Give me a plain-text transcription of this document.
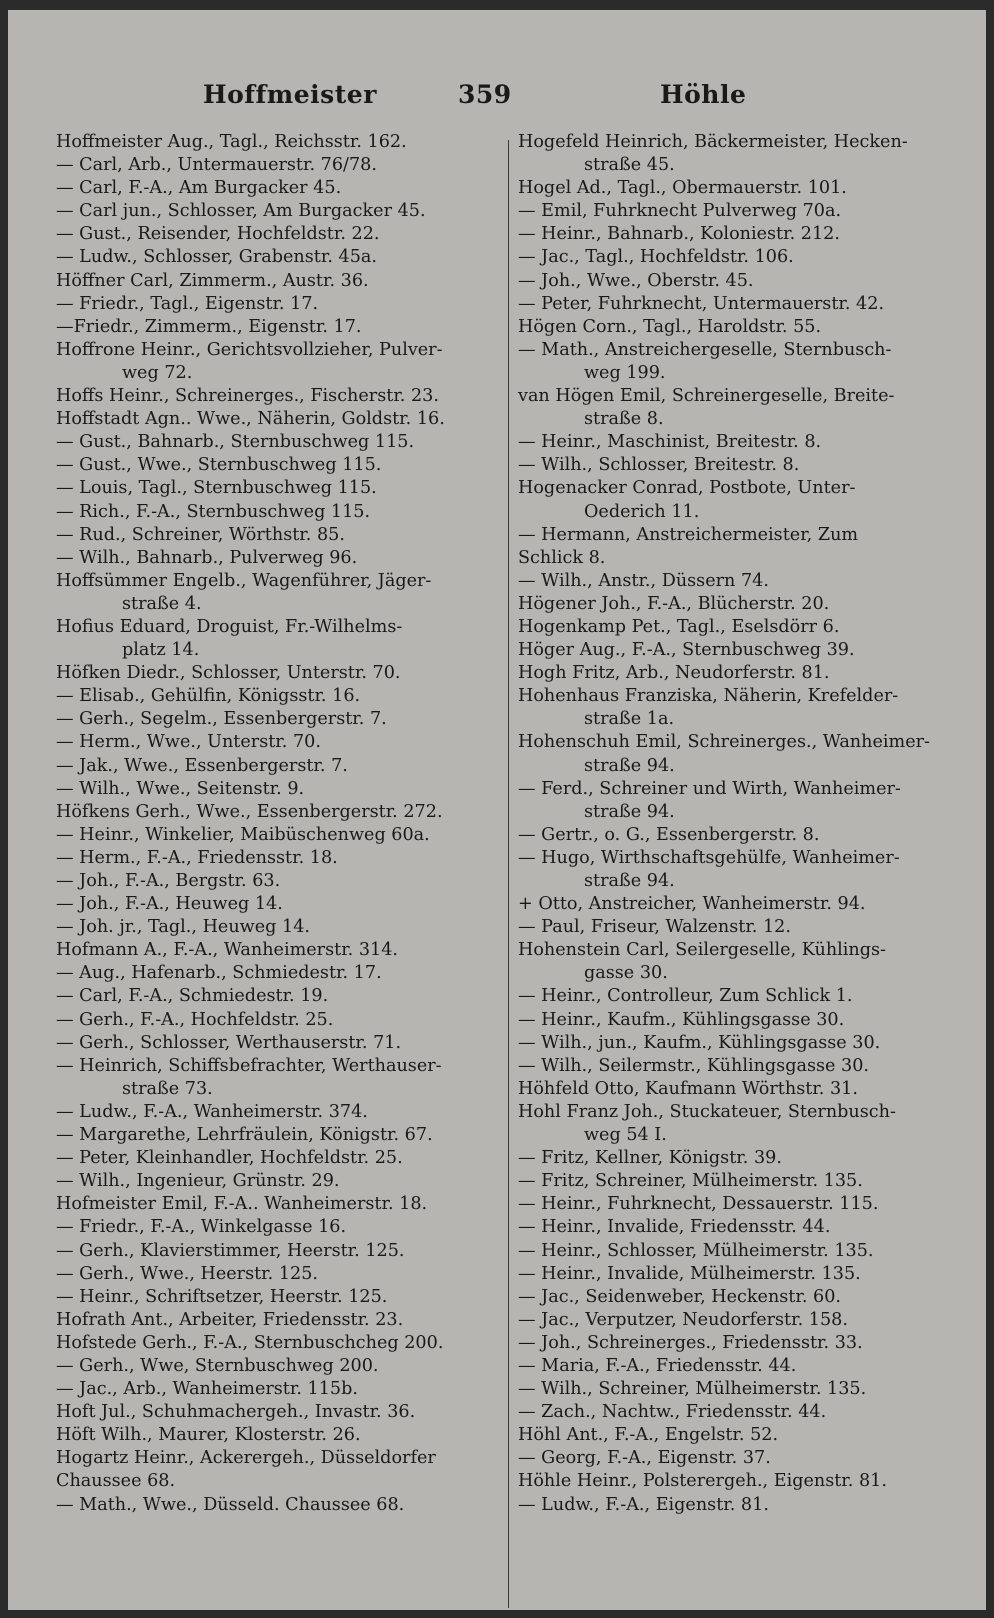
Hoffmeister	359	Höhle
Hoffmeister Aug., Tagl., Reichsstr. 162.
— Carl, Arb., Untermauerstr. 76/78.
— Carl, F.-A., Am Burgacker 45.
— Carl jun., Schlosser, Am Burgacker 45.
— Gust., Reisender, Hochfeldstr. 22.
— Ludw., Schlosser, Grabenstr. 45a.
Höffner Carl, Zimmerm., Austr. 36.
— Friedr., Tagl., Eigenstr. 17.
—Friedr., Zimmerm., Eigenstr. 17.
Hoffrone Heinr., Gerichtsvollzieher, Pulver-
weg 72.
Hoffs Heinr., Schreinerges., Fischerstr. 23.
Hoffstadt Agn.. Wwe., Näherin, Goldstr. 16.
— Gust., Bahnarb., Sternbuschweg 115.
— Gust., Wwe., Sternbuschweg 115.
— Louis, Tagl., Sternbuschweg 115.
— Rich., F.-A., Sternbuschweg 115.
— Rud., Schreiner, Wörthstr. 85.
— Wilh., Bahnarb., Pulverweg 96.
Hoffsümmer Engelb., Wagenführer, Jäger-
straße 4.
Hofius Eduard, Droguist, Fr.-Wilhelms-
platz 14.
Höfken Diedr., Schlosser, Unterstr. 70.
— Elisab., Gehülfin, Königsstr. 16.
— Gerh., Segelm., Essenbergerstr. 7.
— Herm., Wwe., Unterstr. 70.
— Jak., Wwe., Essenbergerstr. 7.
— Wilh., Wwe., Seitenstr. 9.
Höfkens Gerh., Wwe., Essenbergerstr. 272.
— Heinr., Winkelier, Maibüschenweg 60a.
— Herm., F.-A., Friedensstr. 18.
— Joh., F.-A., Bergstr. 63.
— Joh., F.-A., Heuweg 14.
— Joh. jr., Tagl., Heuweg 14.
Hofmann A., F.-A., Wanheimerstr. 314.
— Aug., Hafenarb., Schmiedestr. 17.
— Carl, F.-A., Schmiedestr. 19.
— Gerh., F.-A., Hochfeldstr. 25.
— Gerh., Schlosser, Werthauserstr. 71.
— Heinrich, Schiffsbefrachter, Werthauser-
straße 73.
— Ludw., F.-A., Wanheimerstr. 374.
— Margarethe, Lehrfräulein, Königstr. 67.
— Peter, Kleinhandler, Hochfeldstr. 25.
— Wilh., Ingenieur, Grünstr. 29.
Hofmeister Emil, F.-A.. Wanheimerstr. 18.
— Friedr., F.-A., Winkelgasse 16.
— Gerh., Klavierstimmer, Heerstr. 125.
— Gerh., Wwe., Heerstr. 125.
— Heinr., Schriftsetzer, Heerstr. 125.
Hofrath Ant., Arbeiter, Friedensstr. 23.
Hofstede Gerh., F.-A., Sternbuschcheg 200.
— Gerh., Wwe, Sternbuschweg 200.
— Jac., Arb., Wanheimerstr. 115b.
Hoft Jul., Schuhmachergeh., Invastr. 36.
Höft Wilh., Maurer, Klosterstr. 26.
Hogartz Heinr., Ackerergeh., Düsseldorfer
Chaussee 68.
— Math., Wwe., Düsseld. Chaussee 68.
Hogefeld Heinrich, Bäckermeister, Hecken-
straße 45.
Hogel Ad., Tagl., Obermauerstr. 101.
— Emil, Fuhrknecht Pulverweg 70a.
— Heinr., Bahnarb., Koloniestr. 212.
— Jac., Tagl., Hochfeldstr. 106.
— Joh., Wwe., Oberstr. 45.
— Peter, Fuhrknecht, Untermauerstr. 42.
Högen Corn., Tagl., Haroldstr. 55.
— Math., Anstreichergeselle, Sternbusch-
weg 199.
van Högen Emil, Schreinergeselle, Breite-
straße 8.
— Heinr., Maschinist, Breitestr. 8.
— Wilh., Schlosser, Breitestr. 8.
Hogenacker Conrad, Postbote, Unter-
Oederich 11.
— Hermann, Anstreichermeister, Zum
Schlick 8.
— Wilh., Anstr., Düssern 74.
Högener Joh., F.-A., Blücherstr. 20.
Hogenkamp Pet., Tagl., Eselsdörr 6.
Höger Aug., F.-A., Sternbuschweg 39.
Hogh Fritz, Arb., Neudorferstr. 81.
Hohenhaus Franziska, Näherin, Krefelder-
straße 1a.
Hohenschuh Emil, Schreinerges., Wanheimer-
straße 94.
— Ferd., Schreiner und Wirth, Wanheimer-
straße 94.
— Gertr., o. G., Essenbergerstr. 8.
— Hugo, Wirthschaftsgehülfe, Wanheimer-
straße 94.
+ Otto, Anstreicher, Wanheimerstr. 94.
— Paul, Friseur, Walzenstr. 12.
Hohenstein Carl, Seilergeselle, Kühlings-
gasse 30.
— Heinr., Controlleur, Zum Schlick 1.
— Heinr., Kaufm., Kühlingsgasse 30.
— Wilh., jun., Kaufm., Kühlingsgasse 30.
— Wilh., Seilermstr., Kühlingsgasse 30.
Höhfeld Otto, Kaufmann Wörthstr. 31.
Hohl Franz Joh., Stuckateuer, Sternbusch-
weg 54 I.
— Fritz, Kellner, Königstr. 39.
— Fritz, Schreiner, Mülheimerstr. 135.
— Heinr., Fuhrknecht, Dessauerstr. 115.
— Heinr., Invalide, Friedensstr. 44.
— Heinr., Schlosser, Mülheimerstr. 135.
— Heinr., Invalide, Mülheimerstr. 135.
— Jac., Seidenweber, Heckenstr. 60.
— Jac., Verputzer, Neudorferstr. 158.
— Joh., Schreinerges., Friedensstr. 33.
— Maria, F.-A., Friedensstr. 44.
— Wilh., Schreiner, Mülheimerstr. 135.
— Zach., Nachtw., Friedensstr. 44.
Höhl Ant., F.-A., Engelstr. 52.
— Georg, F.-A., Eigenstr. 37.
Höhle Heinr., Polsterergeh., Eigenstr. 81.
— Ludw., F.-A., Eigenstr. 81.
